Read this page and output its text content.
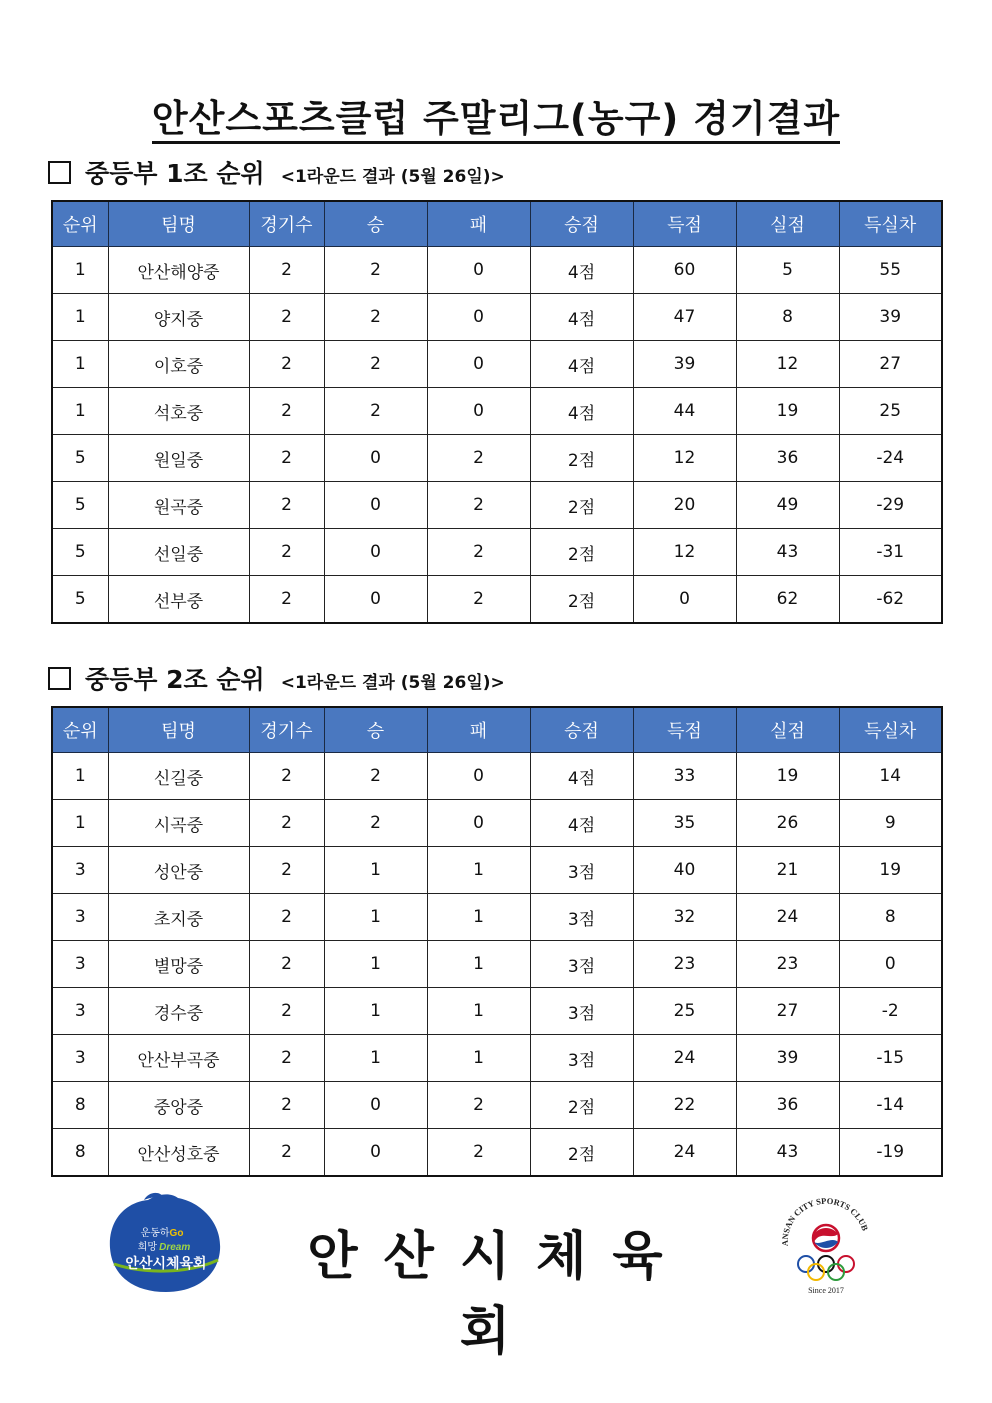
안산스포츠클럽 주말리그(농구) 경기결과
중등부 1조 순위 <1라운드 결과 (5월 26일)>
순위	팀명	경기수	승	패	승점	득점	실점	득실차
1	안산해양중	2	2	0	4점	60	5	55
1	양지중	2	2	0	4점	47	8	39
1	이호중	2	2	0	4점	39	12	27
1	석호중	2	2	0	4점	44	19	25
5	원일중	2	0	2	2점	12	36	-24
5	원곡중	2	0	2	2점	20	49	-29
5	선일중	2	0	2	2점	12	43	-31
5	선부중	2	0	2	2점	0	62	-62
중등부 2조 순위 <1라운드 결과 (5월 26일)>
순위	팀명	경기수	승	패	승점	득점	실점	득실차
1	신길중	2	2	0	4점	33	19	14
1	시곡중	2	2	0	4점	35	26	9
3	성안중	2	1	1	3점	40	21	19
3	초지중	2	1	1	3점	32	24	8
3	별망중	2	1	1	3점	23	23	0
3	경수중	2	1	1	3점	25	27	-2
3	안산부곡중	2	1	1	3점	24	39	-15
8	중앙중	2	0	2	2점	22	36	-14
8	안산성호중	2	0	2	2점	24	43	-19
운동하Go
희망 Dream
안산시체육회	안산시체육회
ANSAN CITY SPORTS CLUB
Since 2017
